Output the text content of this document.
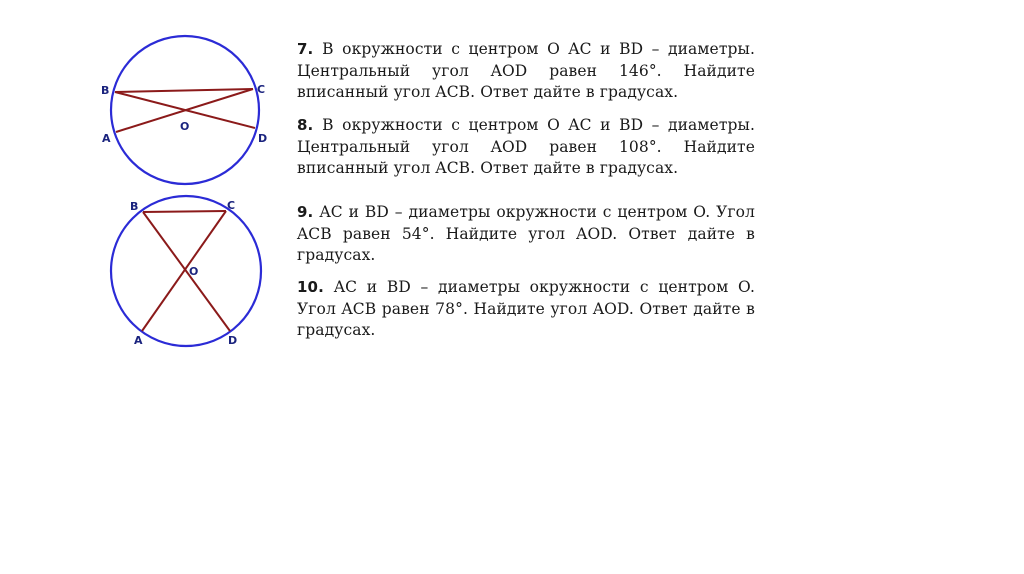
B	C
A	D
O
B	C
A	D
O
7. В окружности с центром O AC и BD – диаметры. Центральный угол AOD равен 146°. Найдите вписанный угол ACB. Ответ дайте в градусах.
8. В окружности с центром O AC и BD – диаметры. Центральный угол AOD равен 108°. Найдите вписанный угол ACB. Ответ дайте в градусах.
9. AC и BD – диаметры окружности с центром O. Угол ACB равен 54°. Найдите угол AOD. Ответ дайте в градусах.
10. AC и BD – диаметры окружности с центром O. Угол ACB равен 78°. Найдите угол AOD. Ответ дайте в градусах.
